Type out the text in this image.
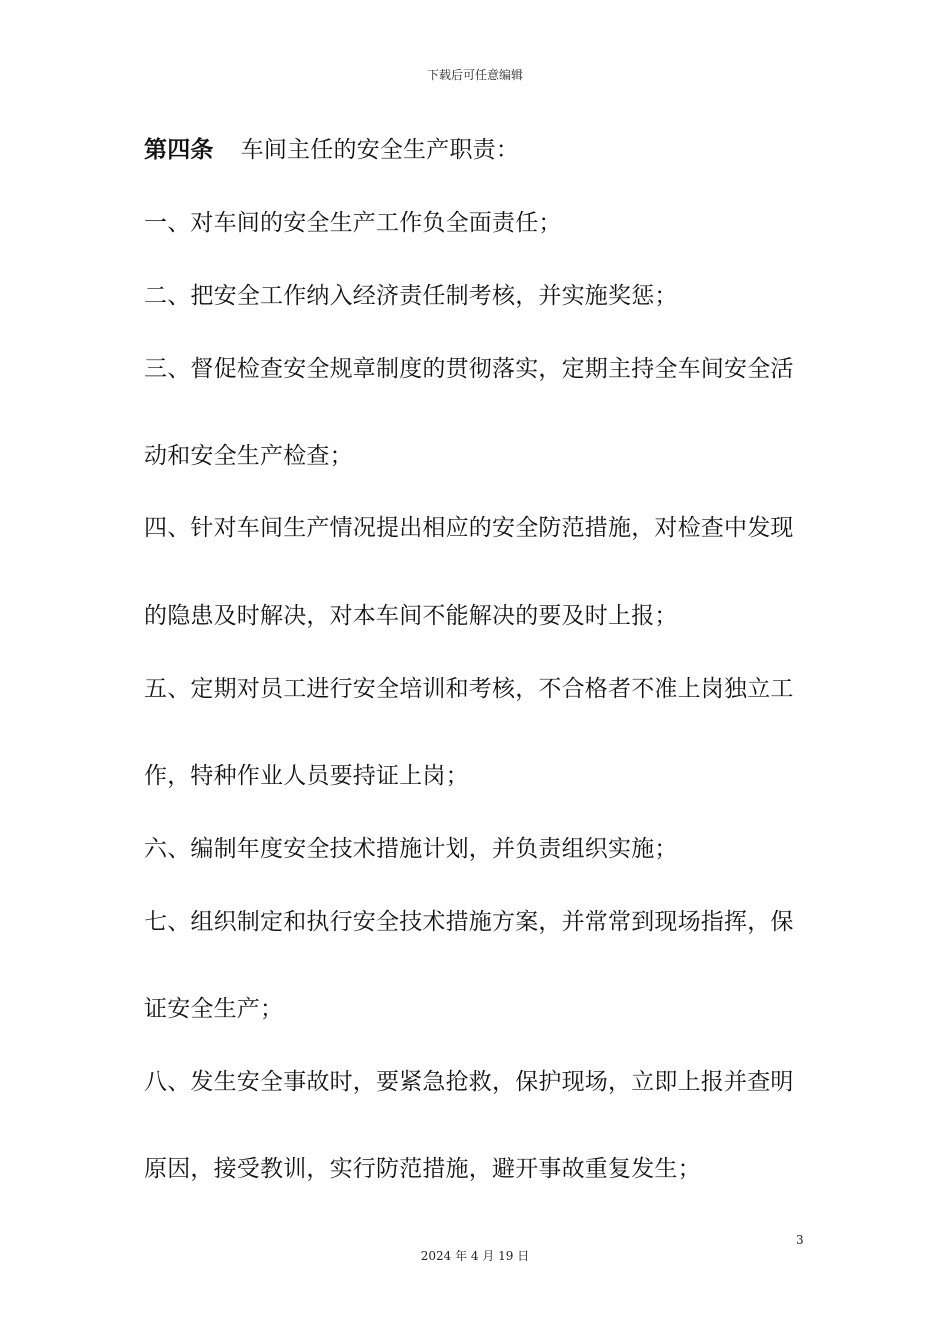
下载后可任意编辑
第四条 车间主任的安全生产职责：
一、对车间的安全生产工作负全面责任；
二、把安全工作纳入经济责任制考核，并实施奖惩；
三、督促检查安全规章制度的贯彻落实，定期主持全车间安全活
动和安全生产检查；
四、针对车间生产情况提出相应的安全防范措施，对检查中发现
的隐患及时解决，对本车间不能解决的要及时上报；
五、定期对员工进行安全培训和考核，不合格者不准上岗独立工
作，特种作业人员要持证上岗；
六、编制年度安全技术措施计划，并负责组织实施；
七、组织制定和执行安全技术措施方案，并常常到现场指挥，保
证安全生产；
八、发生安全事故时，要紧急抢救，保护现场，立即上报并查明
原因，接受教训，实行防范措施，避开事故重复发生；
3
2024 年 4 月 19 日
